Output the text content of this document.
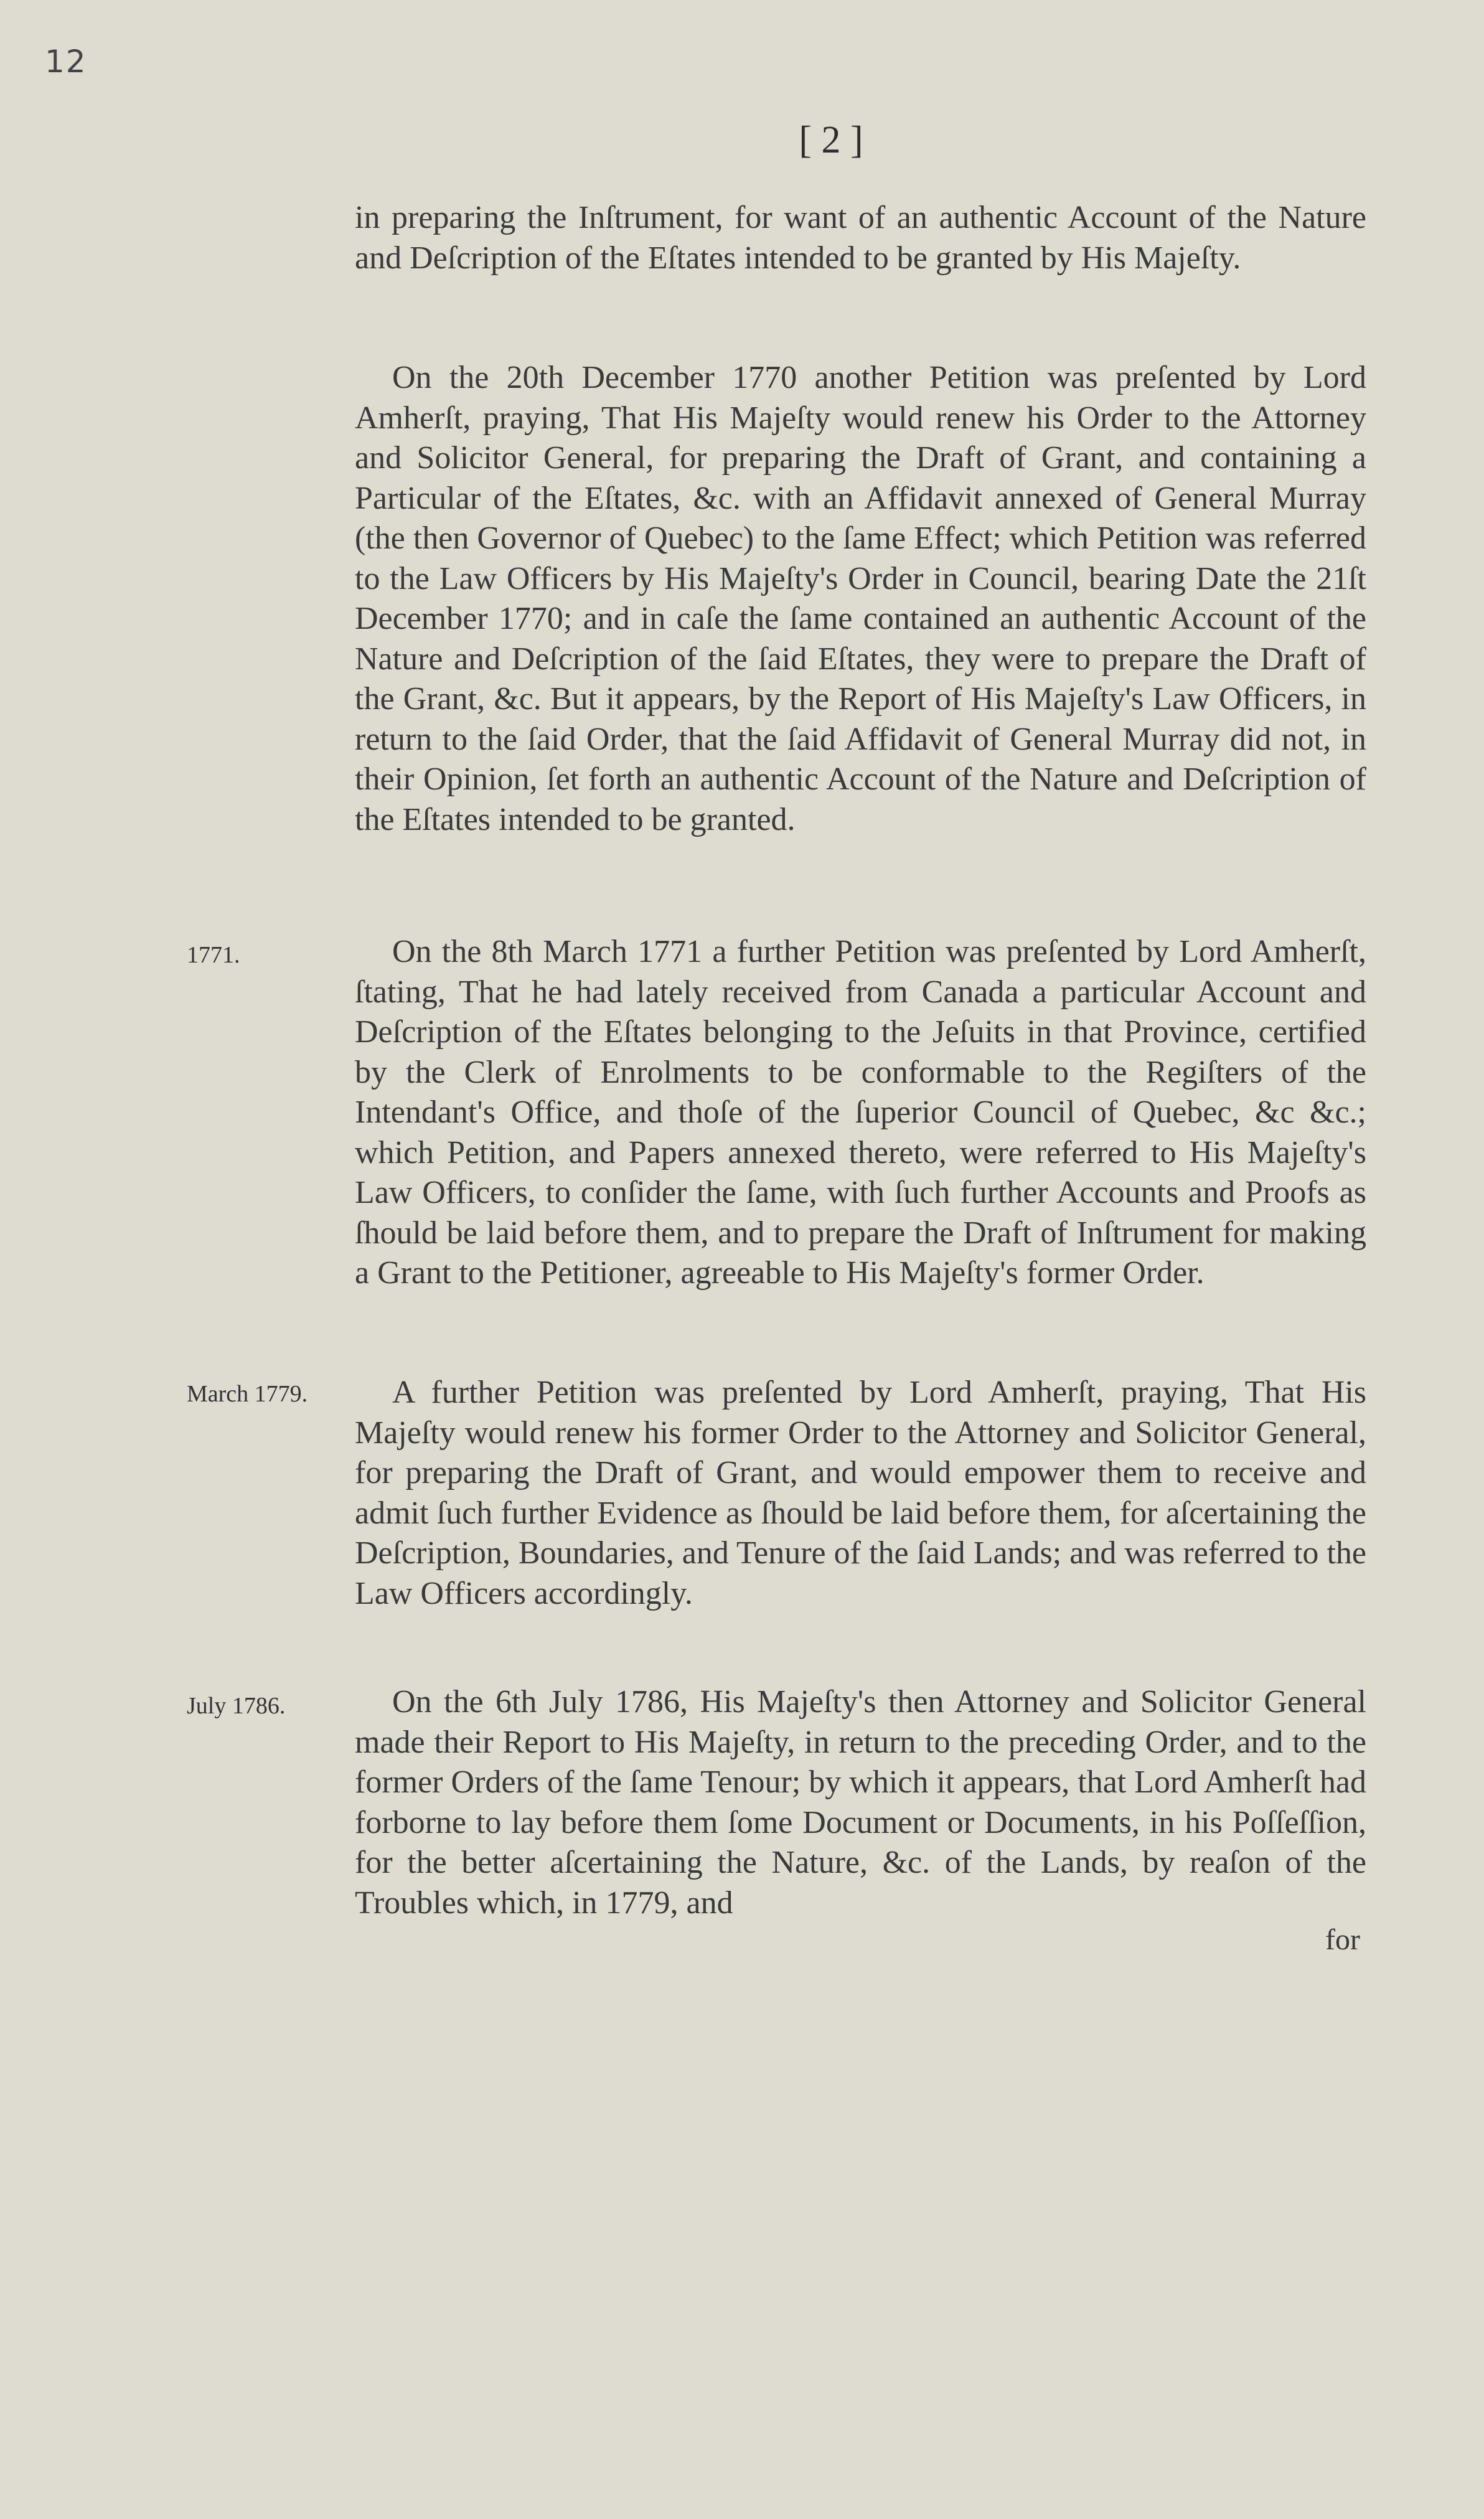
12
[ 2 ]

in preparing the Inſtrument, for want of an authentic Account of the Nature and Deſcription of the Eſtates intended to be granted by His Majeſty.

On the 20th December 1770 another Petition was preſented by Lord Amherſt, praying, That His Majeſty would renew his Order to the Attorney and Solicitor General, for preparing the Draft of Grant, and containing a Particular of the Eſtates, &c. with an Affidavit annexed of General Murray (the then Governor of Quebec) to the ſame Effect; which Petition was referred to the Law Officers by His Majeſty's Order in Council, bearing Date the 21ſt December 1770; and in caſe the ſame contained an authentic Account of the Nature and Deſcription of the ſaid Eſtates, they were to prepare the Draft of the Grant, &c. But it appears, by the Report of His Majeſty's Law Officers, in return to the ſaid Order, that the ſaid Affidavit of General Murray did not, in their Opinion, ſet forth an authentic Account of the Nature and Deſcription of the Eſtates intended to be granted.

1771.	On the 8th March 1771 a further Petition was preſented by Lord Amherſt, ſtating, That he had lately received from Canada a particular Account and Deſcription of the Eſtates belonging to the Jeſuits in that Province, certified by the Clerk of Enrolments to be conformable to the Regiſters of the Intendant's Office, and thoſe of the ſuperior Council of Quebec, &c &c.; which Petition, and Papers annexed thereto, were referred to His Majeſty's Law Officers, to conſider the ſame, with ſuch further Accounts and Proofs as ſhould be laid before them, and to prepare the Draft of Inſtrument for making a Grant to the Petitioner, agreeable to His Majeſty's former Order.

March 1779.	A further Petition was preſented by Lord Amherſt, praying, That His Majeſty would renew his former Order to the Attorney and Solicitor General, for preparing the Draft of Grant, and would empower them to receive and admit ſuch further Evidence as ſhould be laid before them, for aſcertaining the Deſcription, Boundaries, and Tenure of the ſaid Lands; and was referred to the Law Officers accordingly.

July 1786.	On the 6th July 1786, His Majeſty's then Attorney and Solicitor General made their Report to His Majeſty, in return to the preceding Order, and to the former Orders of the ſame Tenour; by which it appears, that Lord Amherſt had forborne to lay before them ſome Document or Documents, in his Poſſeſſion, for the better aſcertaining the Nature, &c. of the Lands, by reaſon of the Troubles which, in 1779, and

for
